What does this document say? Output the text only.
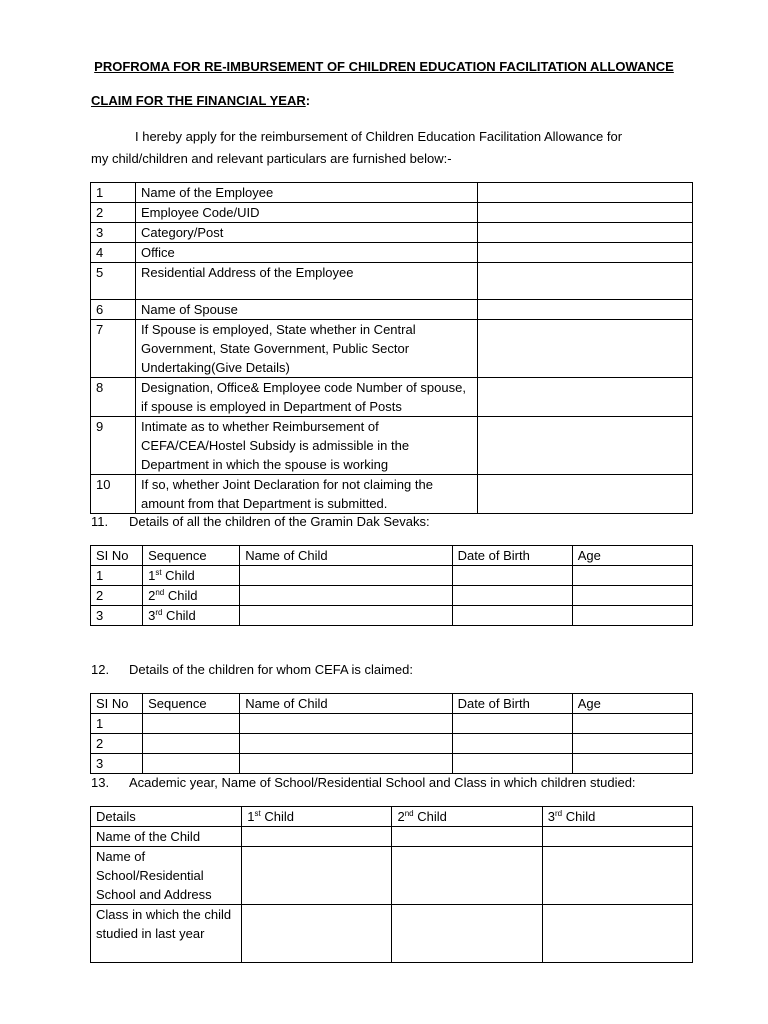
PROFROMA FOR RE-IMBURSEMENT OF CHILDREN EDUCATION FACILITATION ALLOWANCE
CLAIM FOR THE FINANCIAL YEAR:
I hereby apply for the reimbursement of Children Education Facilitation Allowance for
my child/children and relevant particulars are furnished below:-
1	Name of the Employee	
2	Employee Code/UID	
3	Category/Post	
4	Office	
5	Residential Address of the Employee	
6	Name of Spouse	
7	If Spouse is employed, State whether in Central Government, State Government, Public Sector Undertaking(Give Details)	
8	Designation, Office& Employee code Number of spouse, if spouse is employed in Department of Posts	
9	Intimate as to whether Reimbursement of CEFA/CEA/Hostel Subsidy is admissible in the Department in which the spouse is working	
10	If so, whether Joint Declaration for not claiming the amount from that Department is submitted.	
11. Details of all the children of the Gramin Dak Sevaks:
SI No	Sequence	Name of Child	Date of Birth	Age
1	1st Child			
2	2nd Child			
3	3rd Child			
12. Details of the children for whom CEFA is claimed:
SI No	Sequence	Name of Child	Date of Birth	Age
1				
2				
3				
13. Academic year, Name of School/Residential School and Class in which children studied:
Details	1st Child	2nd Child	3rd Child
Name of the Child			
Name of School/Residential School and Address			
Class in which the child studied in last year			
